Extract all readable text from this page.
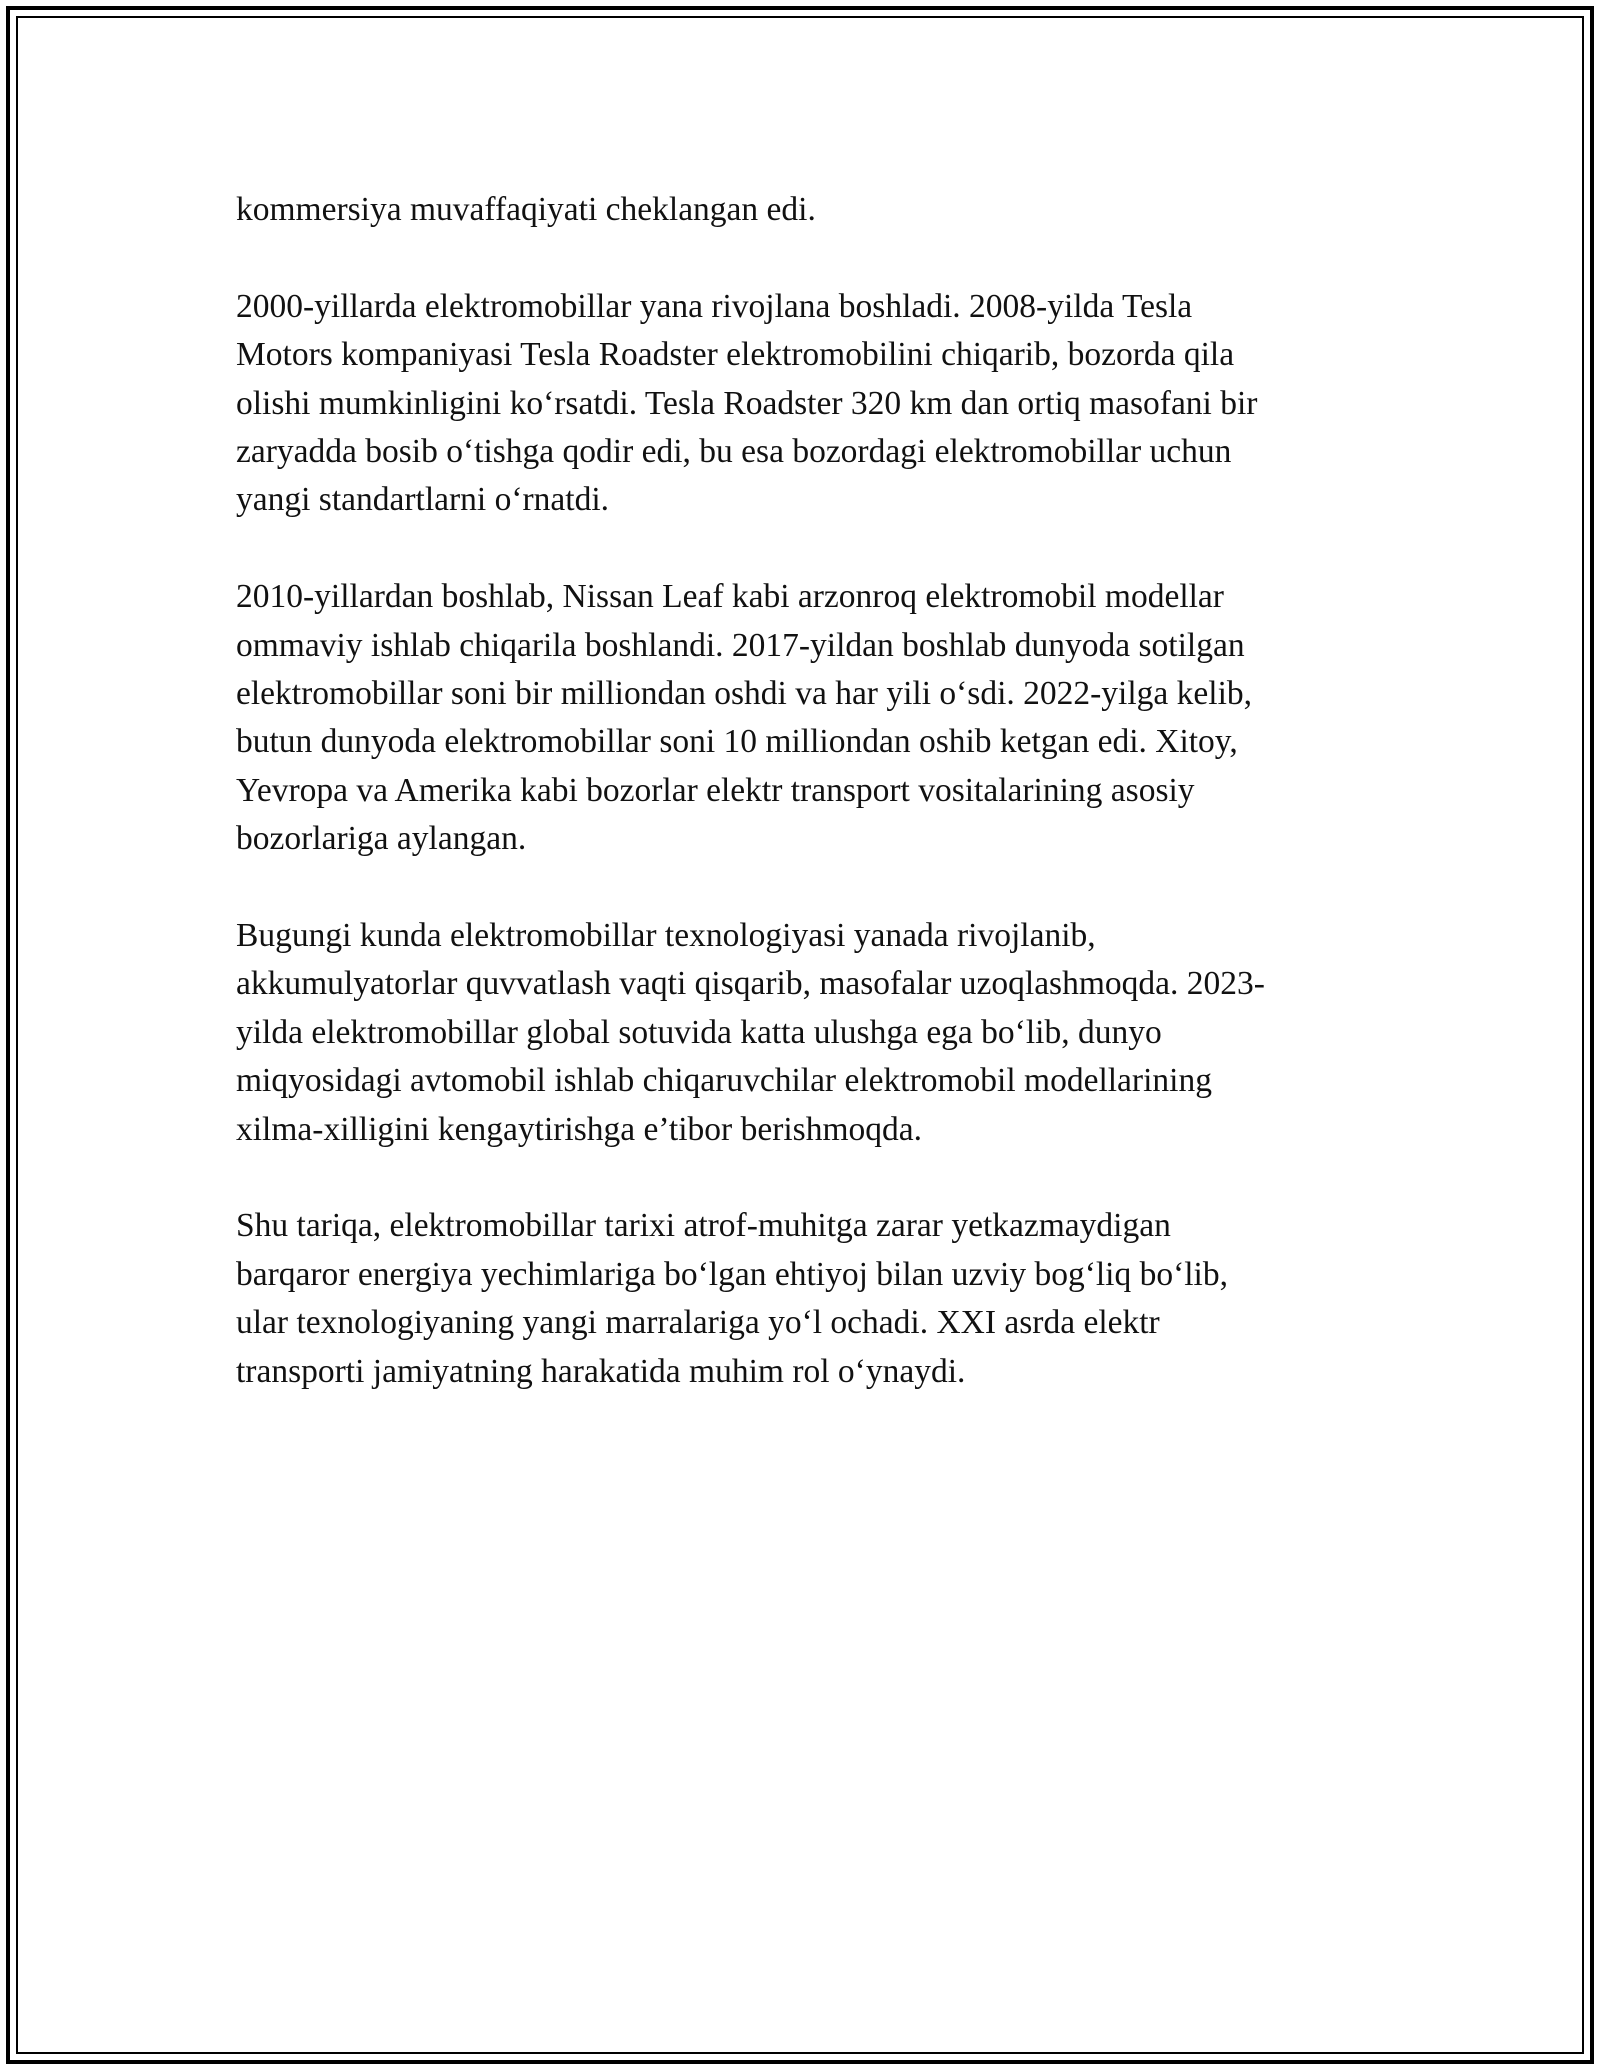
kommersiya muvaffaqiyati cheklangan edi.

2000-yillarda elektromobillar yana rivojlana boshladi. 2008-yilda Tesla
Motors kompaniyasi Tesla Roadster elektromobilini chiqarib, bozorda qila
olishi mumkinligini ko‘rsatdi. Tesla Roadster 320 km dan ortiq masofani bir
zaryadda bosib o‘tishga qodir edi, bu esa bozordagi elektromobillar uchun
yangi standartlarni o‘rnatdi.

2010-yillardan boshlab, Nissan Leaf kabi arzonroq elektromobil modellar
ommaviy ishlab chiqarila boshlandi. 2017-yildan boshlab dunyoda sotilgan
elektromobillar soni bir milliondan oshdi va har yili o‘sdi. 2022-yilga kelib,
butun dunyoda elektromobillar soni 10 milliondan oshib ketgan edi. Xitoy,
Yevropa va Amerika kabi bozorlar elektr transport vositalarining asosiy
bozorlariga aylangan.

Bugungi kunda elektromobillar texnologiyasi yanada rivojlanib,
akkumulyatorlar quvvatlash vaqti qisqarib, masofalar uzoqlashmoqda. 2023-
yilda elektromobillar global sotuvida katta ulushga ega bo‘lib, dunyo
miqyosidagi avtomobil ishlab chiqaruvchilar elektromobil modellarining
xilma-xilligini kengaytirishga e’tibor berishmoqda.

Shu tariqa, elektromobillar tarixi atrof-muhitga zarar yetkazmaydigan
barqaror energiya yechimlariga bo‘lgan ehtiyoj bilan uzviy bog‘liq bo‘lib,
ular texnologiyaning yangi marralariga yo‘l ochadi. XXI asrda elektr
transporti jamiyatning harakatida muhim rol o‘ynaydi.
